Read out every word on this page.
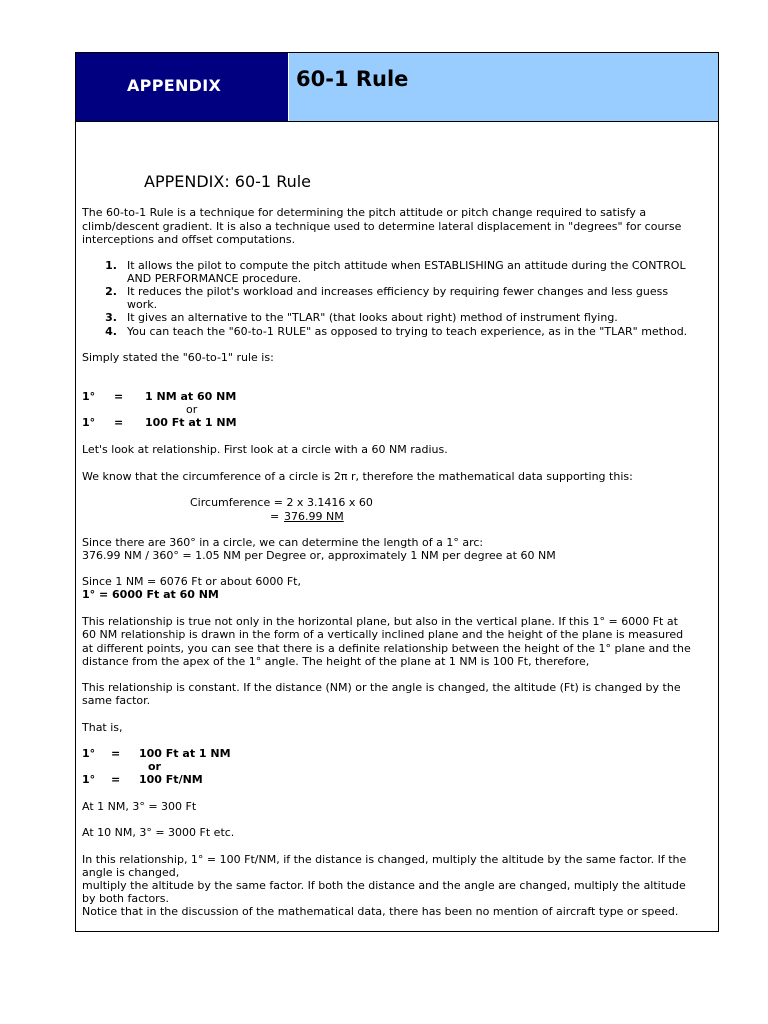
APPENDIX	60-1 Rule
APPENDIX: 60-1 Rule
The 60-to-1 Rule is a technique for determining the pitch attitude or pitch change required to satisfy a
climb/descent gradient. It is also a technique used to determine lateral displacement in "degrees" for course
interceptions and offset computations.
1. It allows the pilot to compute the pitch attitude when ESTABLISHING an attitude during the CONTROL
AND PERFORMANCE procedure.
2. It reduces the pilot's workload and increases efficiency by requiring fewer changes and less guess
work.
3. It gives an alternative to the "TLAR" (that looks about right) method of instrument flying.
4. You can teach the "60-to-1 RULE" as opposed to trying to teach experience, as in the "TLAR" method.
Simply stated the "60-to-1" rule is:
1° = 1 NM at 60 NM
or
1° = 100 Ft at 1 NM
Let's look at relationship. First look at a circle with a 60 NM radius.
We know that the circumference of a circle is 2π r, therefore the mathematical data supporting this:
Circumference = 2 x 3.1416 x 60
= 376.99 NM
Since there are 360° in a circle, we can determine the length of a 1° arc:
376.99 NM / 360° = 1.05 NM per Degree or, approximately 1 NM per degree at 60 NM
Since 1 NM = 6076 Ft or about 6000 Ft,
1° = 6000 Ft at 60 NM
This relationship is true not only in the horizontal plane, but also in the vertical plane. If this 1° = 6000 Ft at
60 NM relationship is drawn in the form of a vertically inclined plane and the height of the plane is measured
at different points, you can see that there is a definite relationship between the height of the 1° plane and the
distance from the apex of the 1° angle. The height of the plane at 1 NM is 100 Ft, therefore,
This relationship is constant. If the distance (NM) or the angle is changed, the altitude (Ft) is changed by the
same factor.
That is,
1° = 100 Ft at 1 NM
or
1° = 100 Ft/NM
At 1 NM, 3° = 300 Ft
At 10 NM, 3° = 3000 Ft etc.
In this relationship, 1° = 100 Ft/NM, if the distance is changed, multiply the altitude by the same factor. If the
angle is changed,
multiply the altitude by the same factor. If both the distance and the angle are changed, multiply the altitude
by both factors.
Notice that in the discussion of the mathematical data, there has been no mention of aircraft type or speed.
